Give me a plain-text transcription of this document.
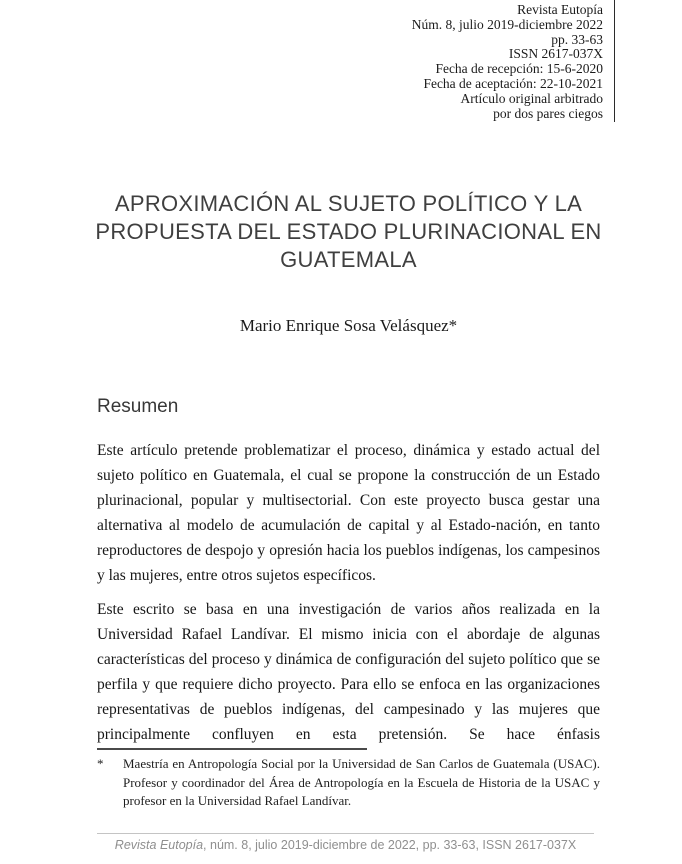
Revista Eutopía
Núm. 8, julio 2019-diciembre 2022
pp. 33-63
ISSN 2617-037X
Fecha de recepción: 15-6-2020
Fecha de aceptación: 22-10-2021
Artículo original arbitrado
por dos pares ciegos
APROXIMACIÓN AL SUJETO POLÍTICO Y LA PROPUESTA DEL ESTADO PLURINACIONAL EN GUATEMALA
Mario Enrique Sosa Velásquez*
Resumen

Este artículo pretende problematizar el proceso, dinámica y estado actual del sujeto político en Guatemala, el cual se propone la construcción de un Estado plurinacional, popular y multisectorial. Con este proyecto busca gestar una alternativa al modelo de acumulación de capital y al Estado-nación, en tanto reproductores de despojo y opresión hacia los pueblos indígenas, los campesinos y las mujeres, entre otros sujetos específicos.

Este escrito se basa en una investigación de varios años realizada en la Universidad Rafael Landívar. El mismo inicia con el abordaje de algunas características del proceso y dinámica de configuración del sujeto político que se perfila y que requiere dicho proyecto. Para ello se enfoca en las organizaciones representativas de pueblos indígenas, del campesinado y las mujeres que principalmente confluyen en esta pretensión. Se hace énfasis

*	Maestría en Antropología Social por la Universidad de San Carlos de Guatemala (USAC). Profesor y coordinador del Área de Antropología en la Escuela de Historia de la USAC y profesor en la Universidad Rafael Landívar.
Revista Eutopía, núm. 8, julio 2019-diciembre de 2022, pp. 33-63, ISSN 2617-037X
